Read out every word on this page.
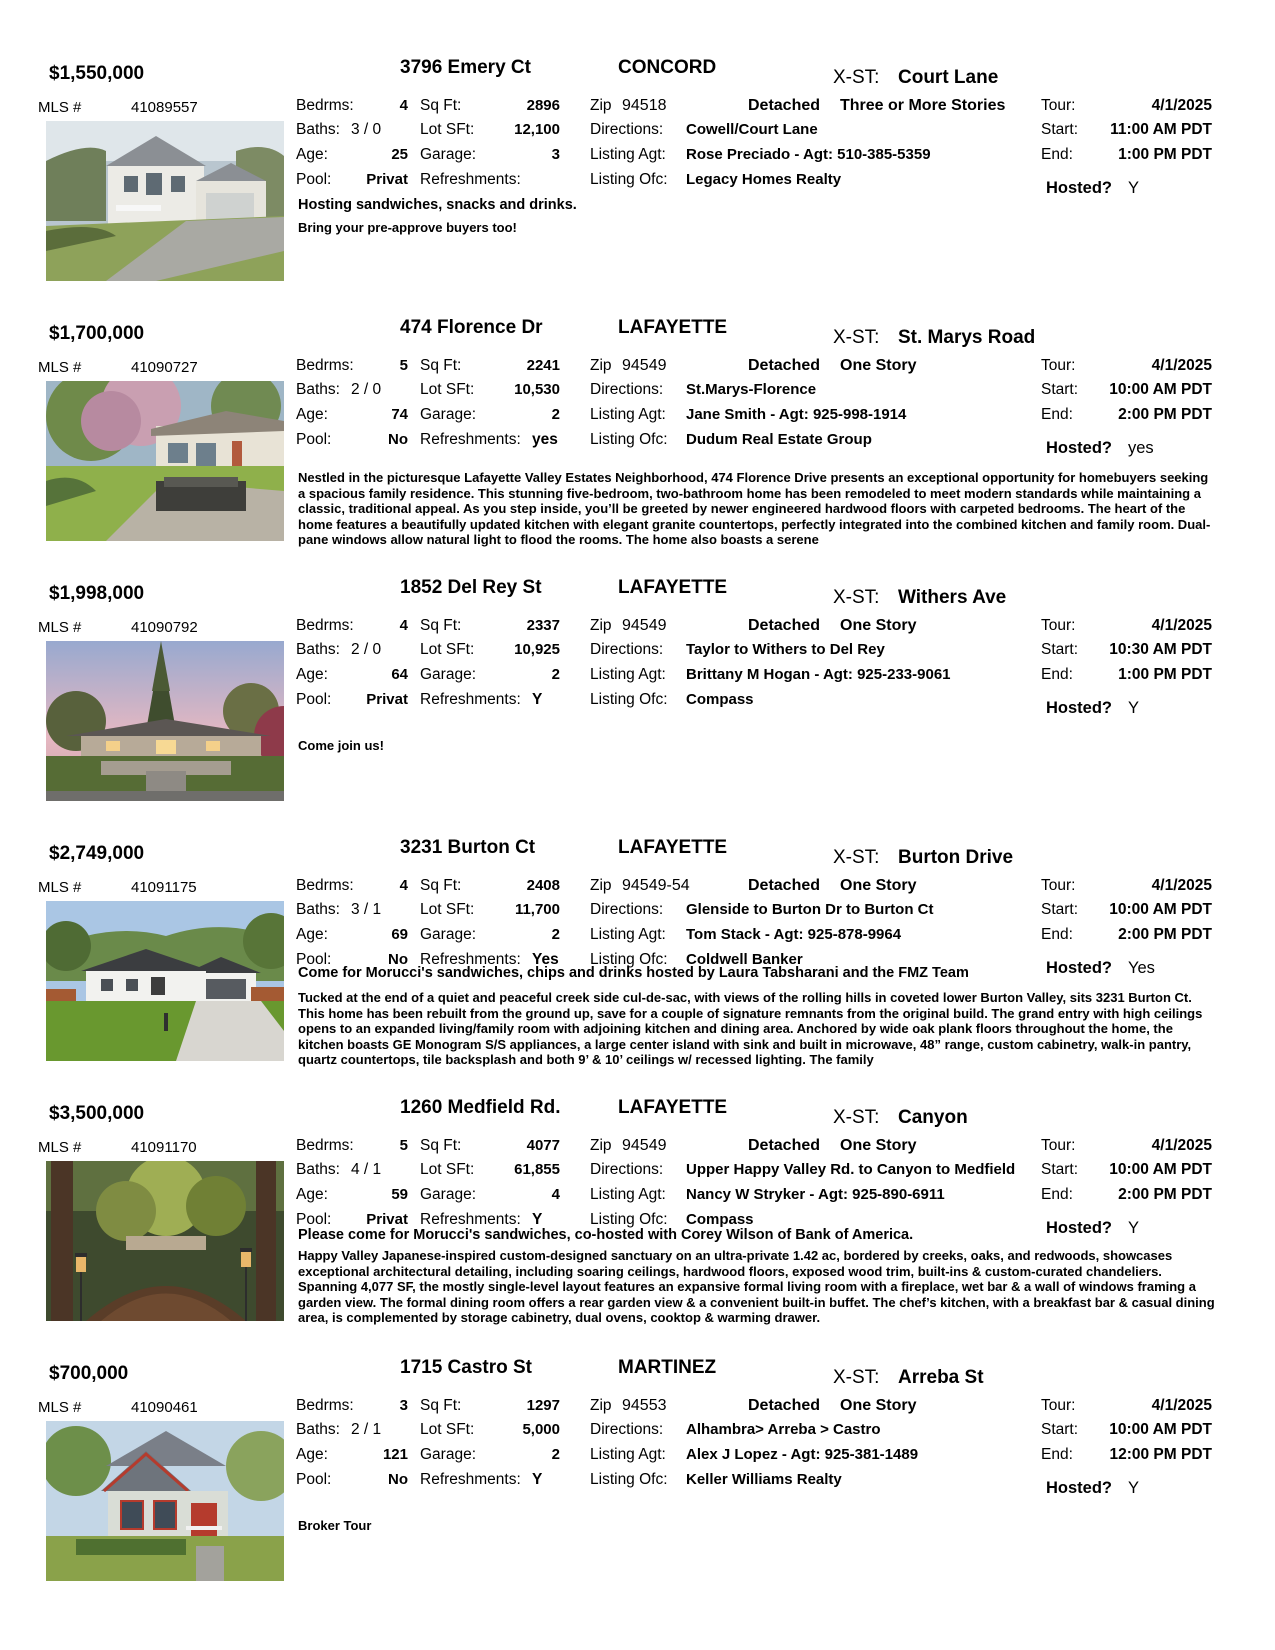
$1,550,000	3796 Emery Ct	CONCORD	X-ST: Court Lane
MLS #	41089557	Bedrms:	4 Sq Ft:	2896 Zip 94518	Detached Three or More Stories Tour:	4/1/2025
Baths: 3 / 0	Lot SFt:	12,100 Directions: Cowell/Court Lane	Start:	11:00 AM PDT
Age:	25 Garage:	3 Listing Agt: Rose Preciado - Agt: 510-385-5359	End:	1:00 PM PDT
Pool:	Privat Refreshments:	Listing Ofc: Legacy Homes Realty	Hosted? Y
Hosting sandwiches, snacks and drinks.
Bring your pre-approve buyers too!
$1,700,000	474 Florence Dr	LAFAYETTE	X-ST: St. Marys Road
MLS #	41090727	Bedrms:	5 Sq Ft:	2241 Zip 94549	Detached One Story	Tour:	4/1/2025
Baths: 2 / 0	Lot SFt:	10,530 Directions: St.Marys-Florence	Start:	10:00 AM PDT
Age:	74 Garage:	2 Listing Agt: Jane Smith - Agt: 925-998-1914	End:	2:00 PM PDT
Pool:	No Refreshments: yes Listing Ofc: Dudum Real Estate Group	Hosted? yes
Nestled in the picturesque Lafayette Valley Estates Neighborhood, 474 Florence Drive presents an exceptional opportunity for homebuyers seeking a spacious family residence. This stunning five-bedroom, two-bathroom home has been remodeled to meet modern standards while maintaining a classic, traditional appeal. As you step inside, you’ll be greeted by newer engineered hardwood floors with carpeted bedrooms. The heart of the home features a beautifully updated kitchen with elegant granite countertops, perfectly integrated into the combined kitchen and family room. Dual-pane windows allow natural light to flood the rooms. The home also boasts a serene
$1,998,000	1852 Del Rey St	LAFAYETTE	X-ST: Withers Ave
MLS #	41090792	Bedrms:	4 Sq Ft:	2337 Zip 94549	Detached One Story	Tour:	4/1/2025
Baths: 2 / 0	Lot SFt:	10,925 Directions: Taylor to Withers to Del Rey	Start:	10:30 AM PDT
Age:	64 Garage:	2 Listing Agt: Brittany M Hogan - Agt: 925-233-9061	End:	1:00 PM PDT
Pool:	Privat Refreshments: Y	Listing Ofc: Compass	Hosted? Y
Come join us!
$2,749,000	3231 Burton Ct	LAFAYETTE	X-ST: Burton Drive
MLS #	41091175	Bedrms:	4 Sq Ft:	2408 Zip 94549-54	Detached One Story	Tour:	4/1/2025
Baths: 3 / 1	Lot SFt:	11,700 Directions: Glenside to Burton Dr to Burton Ct	Start:	10:00 AM PDT
Age:	69 Garage:	2 Listing Agt: Tom Stack - Agt: 925-878-9964	End:	2:00 PM PDT
Pool:	No Refreshments: Yes Listing Ofc: Coldwell Banker	Hosted? Yes
Come for Morucci's sandwiches, chips and drinks hosted by Laura Tabsharani and the FMZ Team
Tucked at the end of a quiet and peaceful creek side cul-de-sac, with views of the rolling hills in coveted lower Burton Valley, sits 3231 Burton Ct. This home has been rebuilt from the ground up, save for a couple of signature remnants from the original build. The grand entry with high ceilings opens to an expanded living/family room with adjoining kitchen and dining area. Anchored by wide oak plank floors throughout the home, the kitchen boasts GE Monogram S/S appliances, a large center island with sink and built in microwave, 48” range, custom cabinetry, walk-in pantry, quartz countertops, tile backsplash and both 9’ & 10’ ceilings w/ recessed lighting. The family
$3,500,000	1260 Medfield Rd.	LAFAYETTE	X-ST: Canyon
MLS #	41091170	Bedrms:	5 Sq Ft:	4077 Zip 94549	Detached One Story	Tour:	4/1/2025
Baths: 4 / 1	Lot SFt:	61,855 Directions: Upper Happy Valley Rd. to Canyon to Medfield Start:	10:00 AM PDT
Age:	59 Garage:	4 Listing Agt: Nancy W Stryker - Agt: 925-890-6911	End:	2:00 PM PDT
Pool:	Privat Refreshments: Y	Listing Ofc: Compass	Hosted? Y
Please come for Morucci's sandwiches, co-hosted with Corey Wilson of Bank of America.
Happy Valley Japanese-inspired custom-designed sanctuary on an ultra-private 1.42 ac, bordered by creeks, oaks, and redwoods, showcases exceptional architectural detailing, including soaring ceilings, hardwood floors, exposed wood trim, built-ins & custom-curated chandeliers. Spanning 4,077 SF, the mostly single-level layout features an expansive formal living room with a fireplace, wet bar & a wall of windows framing a garden view. The formal dining room offers a rear garden view & a convenient built-in buffet. The chef’s kitchen, with a breakfast bar & casual dining area, is complemented by storage cabinetry, dual ovens, cooktop & warming drawer.
$700,000	1715 Castro St	MARTINEZ	X-ST: Arreba St
MLS #	41090461	Bedrms:	3 Sq Ft:	1297 Zip 94553	Detached One Story	Tour:	4/1/2025
Baths: 2 / 1	Lot SFt:	5,000 Directions: Alhambra> Arreba > Castro	Start:	10:00 AM PDT
Age:	121 Garage:	2 Listing Agt: Alex J Lopez - Agt: 925-381-1489	End:	12:00 PM PDT
Pool:	No Refreshments: Y	Listing Ofc: Keller Williams Realty	Hosted? Y
Broker Tour
